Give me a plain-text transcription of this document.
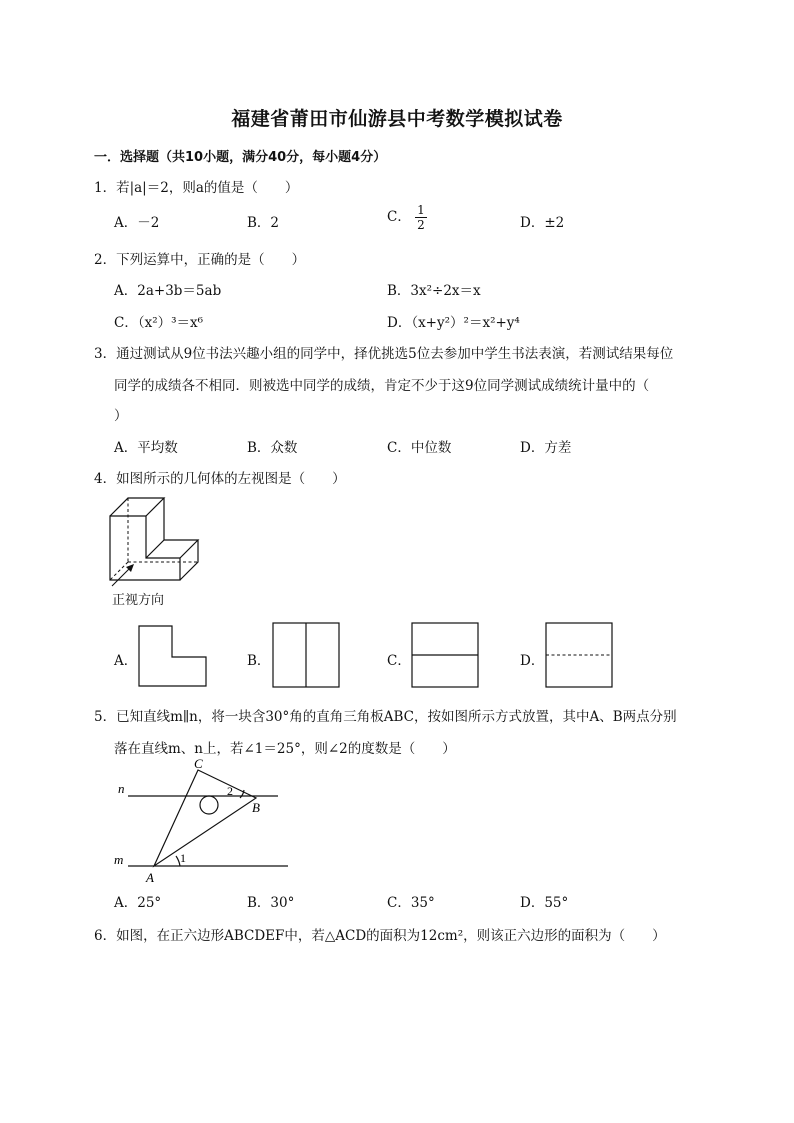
福建省莆田市仙游县中考数学模拟试卷
一．选择题（共10小题，满分40分，每小题4分）
1．若|a|＝2，则a的值是（　　）
A．－2	B．2	C． $\frac{1}{2}$	D．±2
2．下列运算中，正确的是（　　）
A．2a+3b＝5ab	B．3x²÷2x＝x
C．（x²）³＝x⁶	D．（x+y²）²＝x²+y⁴
3．通过测试从9位书法兴趣小组的同学中，择优挑选5位去参加中学生书法表演，若测试结果每位
同学的成绩各不相同．则被选中同学的成绩，肯定不少于这9位同学测试成绩统计量中的（
）
A．平均数	B．众数	C．中位数	D．方差
4．如图所示的几何体的左视图是（　　）
正视方向
A．	B．	C．	D．
5．已知直线m∥n，将一块含30°角的直角三角板ABC，按如图所示方式放置，其中A、B两点分别
落在直线m、n上，若∠1＝25°，则∠2的度数是（　　）
n
m
C
B
A
1
2
A．25°	B．30°	C．35°	D．55°
6．如图，在正六边形ABCDEF中，若△ACD的面积为12cm²，则该正六边形的面积为（　　）
